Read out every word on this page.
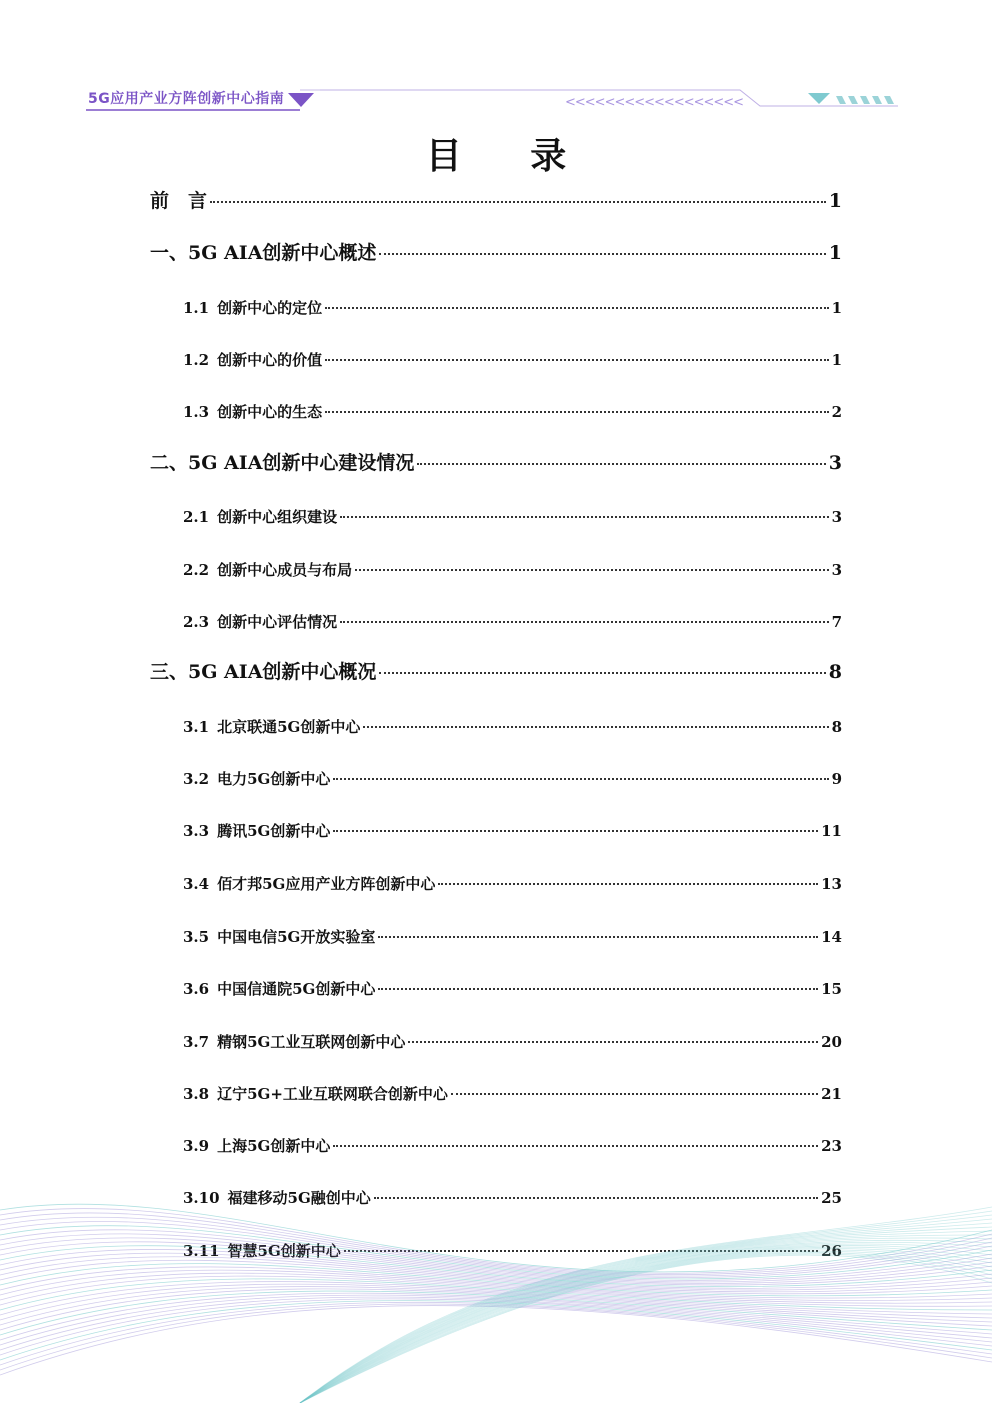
<<<<<<<<<<<<<<<<<<
5G应用产业方阵创新中心指南
目 录
前　言	1
一、5G AIA创新中心概述	1
1.1 创新中心的定位	1
1.2 创新中心的价值	1
1.3 创新中心的生态	2
二、5G AIA创新中心建设情况	3
2.1 创新中心组织建设	3
2.2 创新中心成员与布局	3
2.3 创新中心评估情况	7
三、5G AIA创新中心概况	8
3.1 北京联通5G创新中心	8
3.2 电力5G创新中心	9
3.3 腾讯5G创新中心	11
3.4 佰才邦5G应用产业方阵创新中心	13
3.5 中国电信5G开放实验室	14
3.6 中国信通院5G创新中心	15
3.7 精钢5G工业互联网创新中心	20
3.8 辽宁5G+工业互联网联合创新中心	21
3.9 上海5G创新中心	23
3.10 福建移动5G融创中心	25
3.11 智慧5G创新中心	26
